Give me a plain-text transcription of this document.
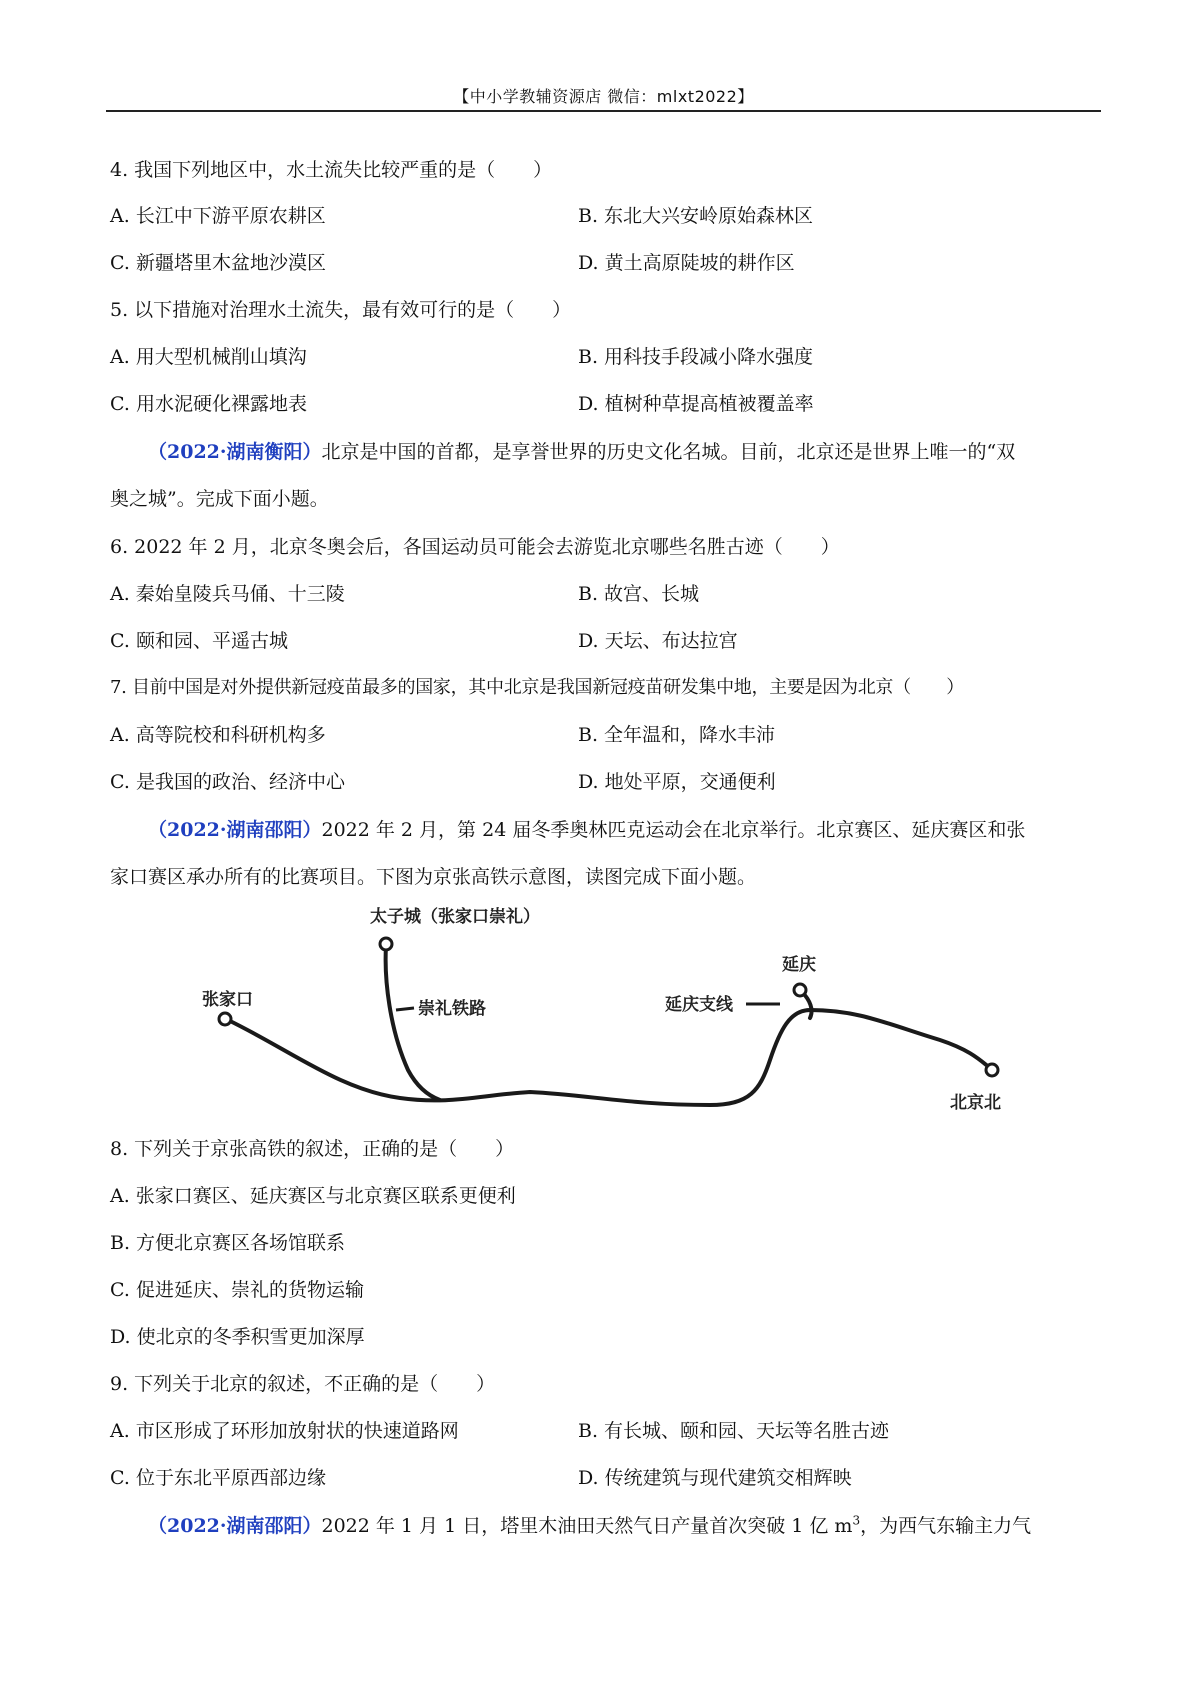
【中小学教辅资源店 微信：mlxt2022】
4. 我国下列地区中，水土流失比较严重的是（　　）
A. 长江中下游平原农耕区	B. 东北大兴安岭原始森林区
C. 新疆塔里木盆地沙漠区	D. 黄土高原陡坡的耕作区
5. 以下措施对治理水土流失，最有效可行的是（　　）
A. 用大型机械削山填沟	B. 用科技手段减小降水强度
C. 用水泥硬化裸露地表	D. 植树种草提高植被覆盖率
（2022·湖南衡阳）北京是中国的首都，是享誉世界的历史文化名城。目前，北京还是世界上唯一的“双
奥之城”。完成下面小题。
6. 2022 年 2 月，北京冬奥会后，各国运动员可能会去游览北京哪些名胜古迹（　　）
A. 秦始皇陵兵马俑、十三陵	B. 故宫、长城
C. 颐和园、平遥古城	D. 天坛、布达拉宫
7. 目前中国是对外提供新冠疫苗最多的国家，其中北京是我国新冠疫苗研发集中地，主要是因为北京（　　）
A. 高等院校和科研机构多	B. 全年温和，降水丰沛
C. 是我国的政治、经济中心	D. 地处平原，交通便利
（2022·湖南邵阳）2022 年 2 月，第 24 届冬季奥林匹克运动会在北京举行。北京赛区、延庆赛区和张
家口赛区承办所有的比赛项目。下图为京张高铁示意图，读图完成下面小题。
太子城（张家口崇礼）
崇礼铁路
张家口
延庆
延庆支线
北京北
8. 下列关于京张高铁的叙述，正确的是（　　）
A. 张家口赛区、延庆赛区与北京赛区联系更便利
B. 方便北京赛区各场馆联系
C. 促进延庆、崇礼的货物运输
D. 使北京的冬季积雪更加深厚
9. 下列关于北京的叙述，不正确的是（　　）
A. 市区形成了环形加放射状的快速道路网	B. 有长城、颐和园、天坛等名胜古迹
C. 位于东北平原西部边缘	D. 传统建筑与现代建筑交相辉映
（2022·湖南邵阳）2022 年 1 月 1 日，塔里木油田天然气日产量首次突破 1 亿 $m^3$，为西气东输主力气
